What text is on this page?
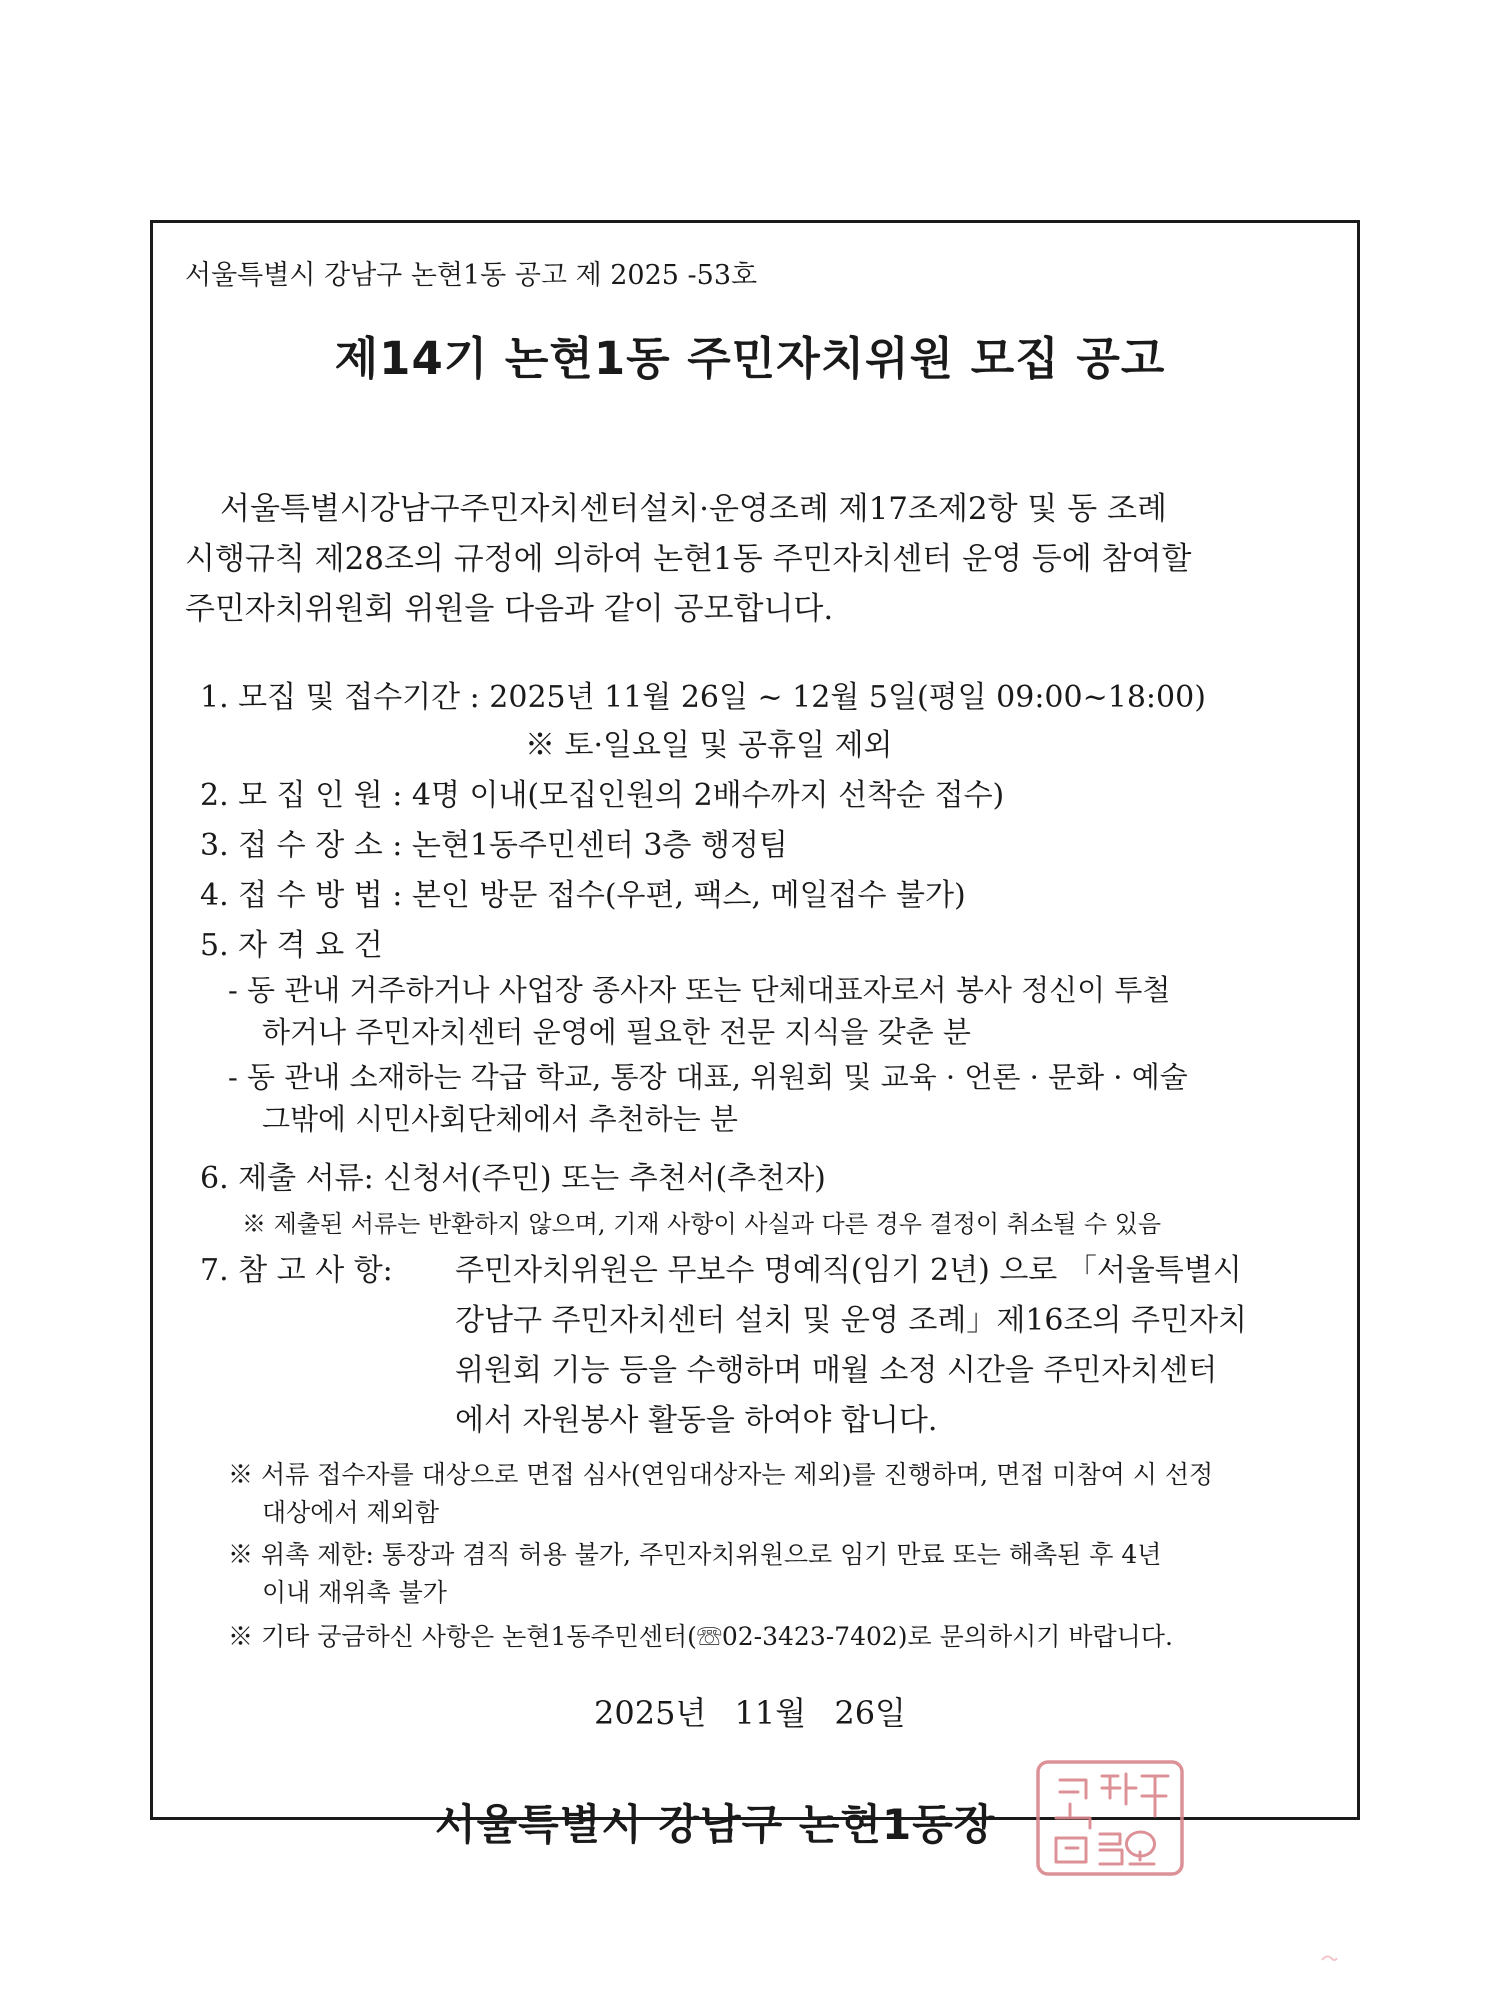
서울특별시 강남구 논현1동 공고 제 2025 -53호
제14기 논현1동 주민자치위원 모집 공고
서울특별시강남구주민자치센터설치·운영조례 제17조제2항 및 동 조례
시행규칙 제28조의 규정에 의하여 논현1동 주민자치센터 운영 등에 참여할
주민자치위원회 위원을 다음과 같이 공모합니다.
1. 모집 및 접수기간 : 2025년 11월 26일 ~ 12월 5일(평일 09:00~18:00)
※ 토·일요일 및 공휴일 제외
2. 모 집 인 원 : 4명 이내(모집인원의 2배수까지 선착순 접수)
3. 접 수 장 소 : 논현1동주민센터 3층 행정팀
4. 접 수 방 법 : 본인 방문 접수(우편, 팩스, 메일접수 불가)
5. 자 격 요 건
- 동 관내 거주하거나 사업장 종사자 또는 단체대표자로서 봉사 정신이 투철
하거나 주민자치센터 운영에 필요한 전문 지식을 갖춘 분
- 동 관내 소재하는 각급 학교, 통장 대표, 위원회 및 교육 · 언론 · 문화 · 예술
그밖에 시민사회단체에서 추천하는 분
6. 제출 서류: 신청서(주민) 또는 추천서(추천자)
※ 제출된 서류는 반환하지 않으며, 기재 사항이 사실과 다른 경우 결정이 취소될 수 있음
7. 참 고 사 항: 주민자치위원은 무보수 명예직(임기 2년) 으로 「서울특별시
강남구 주민자치센터 설치 및 운영 조례」제16조의 주민자치
위원회 기능 등을 수행하며 매월 소정 시간을 주민자치센터
에서 자원봉사 활동을 하여야 합니다.
※ 서류 접수자를 대상으로 면접 심사(연임대상자는 제외)를 진행하며, 면접 미참여 시 선정
대상에서 제외함
※ 위촉 제한: 통장과 겸직 허용 불가, 주민자치위원으로 임기 만료 또는 해촉된 후 4년
이내 재위촉 불가
※ 기타 궁금하신 사항은 논현1동주민센터(☏02-3423-7402)로 문의하시기 바랍니다.
2025년 11월 26일
서울특별시 강남구 논현1동장
